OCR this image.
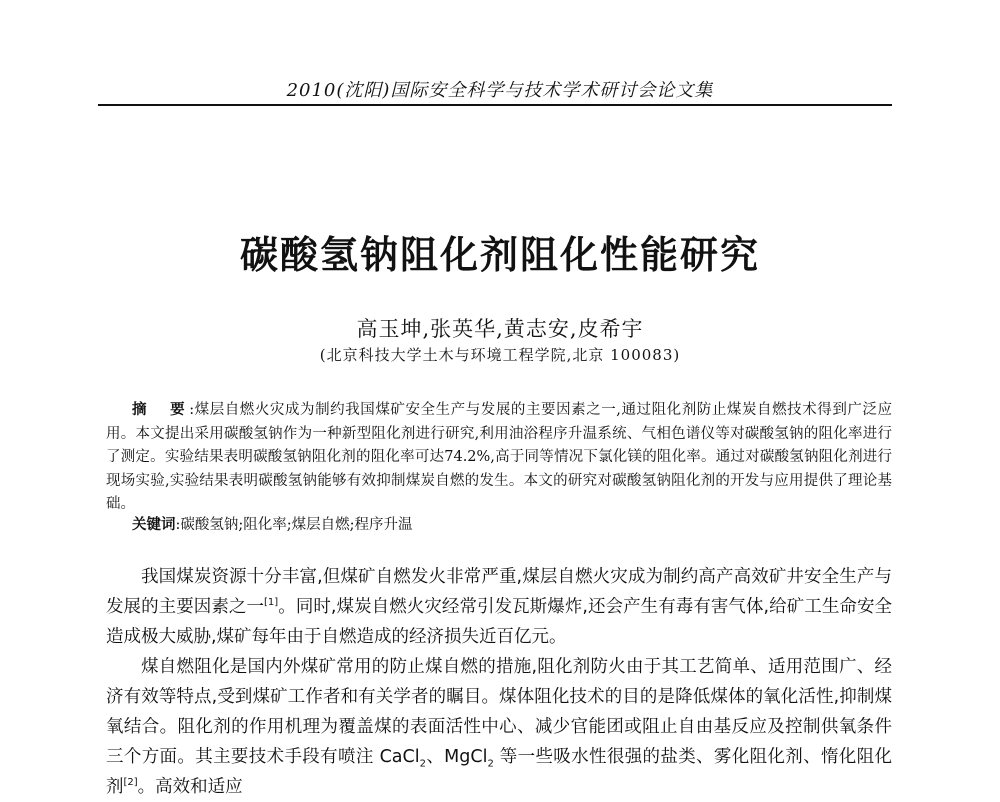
2010(沈阳)国际安全科学与技术学术研讨会论文集
碳酸氢钠阻化剂阻化性能研究
高玉坤,张英华,黄志安,皮希宇
(北京科技大学土木与环境工程学院,北京 100083)
摘　要:煤层自燃火灾成为制约我国煤矿安全生产与发展的主要因素之一,通过阻化剂防止煤炭自燃技术得到广泛应用。本文提出采用碳酸氢钠作为一种新型阻化剂进行研究,利用油浴程序升温系统、气相色谱仪等对碳酸氢钠的阻化率进行了测定。实验结果表明碳酸氢钠阻化剂的阻化率可达74.2%,高于同等情况下氯化镁的阻化率。通过对碳酸氢钠阻化剂进行现场实验,实验结果表明碳酸氢钠能够有效抑制煤炭自燃的发生。本文的研究对碳酸氢钠阻化剂的开发与应用提供了理论基础。
关键词:碳酸氢钠;阻化率;煤层自燃;程序升温

我国煤炭资源十分丰富,但煤矿自燃发火非常严重,煤层自燃火灾成为制约高产高效矿井安全生产与发展的主要因素之一[1]。同时,煤炭自燃火灾经常引发瓦斯爆炸,还会产生有毒有害气体,给矿工生命安全造成极大威胁,煤矿每年由于自燃造成的经济损失近百亿元。

煤自燃阻化是国内外煤矿常用的防止煤自燃的措施,阻化剂防火由于其工艺简单、适用范围广、经济有效等特点,受到煤矿工作者和有关学者的瞩目。煤体阻化技术的目的是降低煤体的氧化活性,抑制煤氧结合。阻化剂的作用机理为覆盖煤的表面活性中心、减少官能团或阻止自由基反应及控制供氧条件三个方面。其主要技术手段有喷注 CaCl$_2$、MgCl$_2$ 等一些吸水性很强的盐类、雾化阻化剂、惰化阻化剂[2]。高效和适应
